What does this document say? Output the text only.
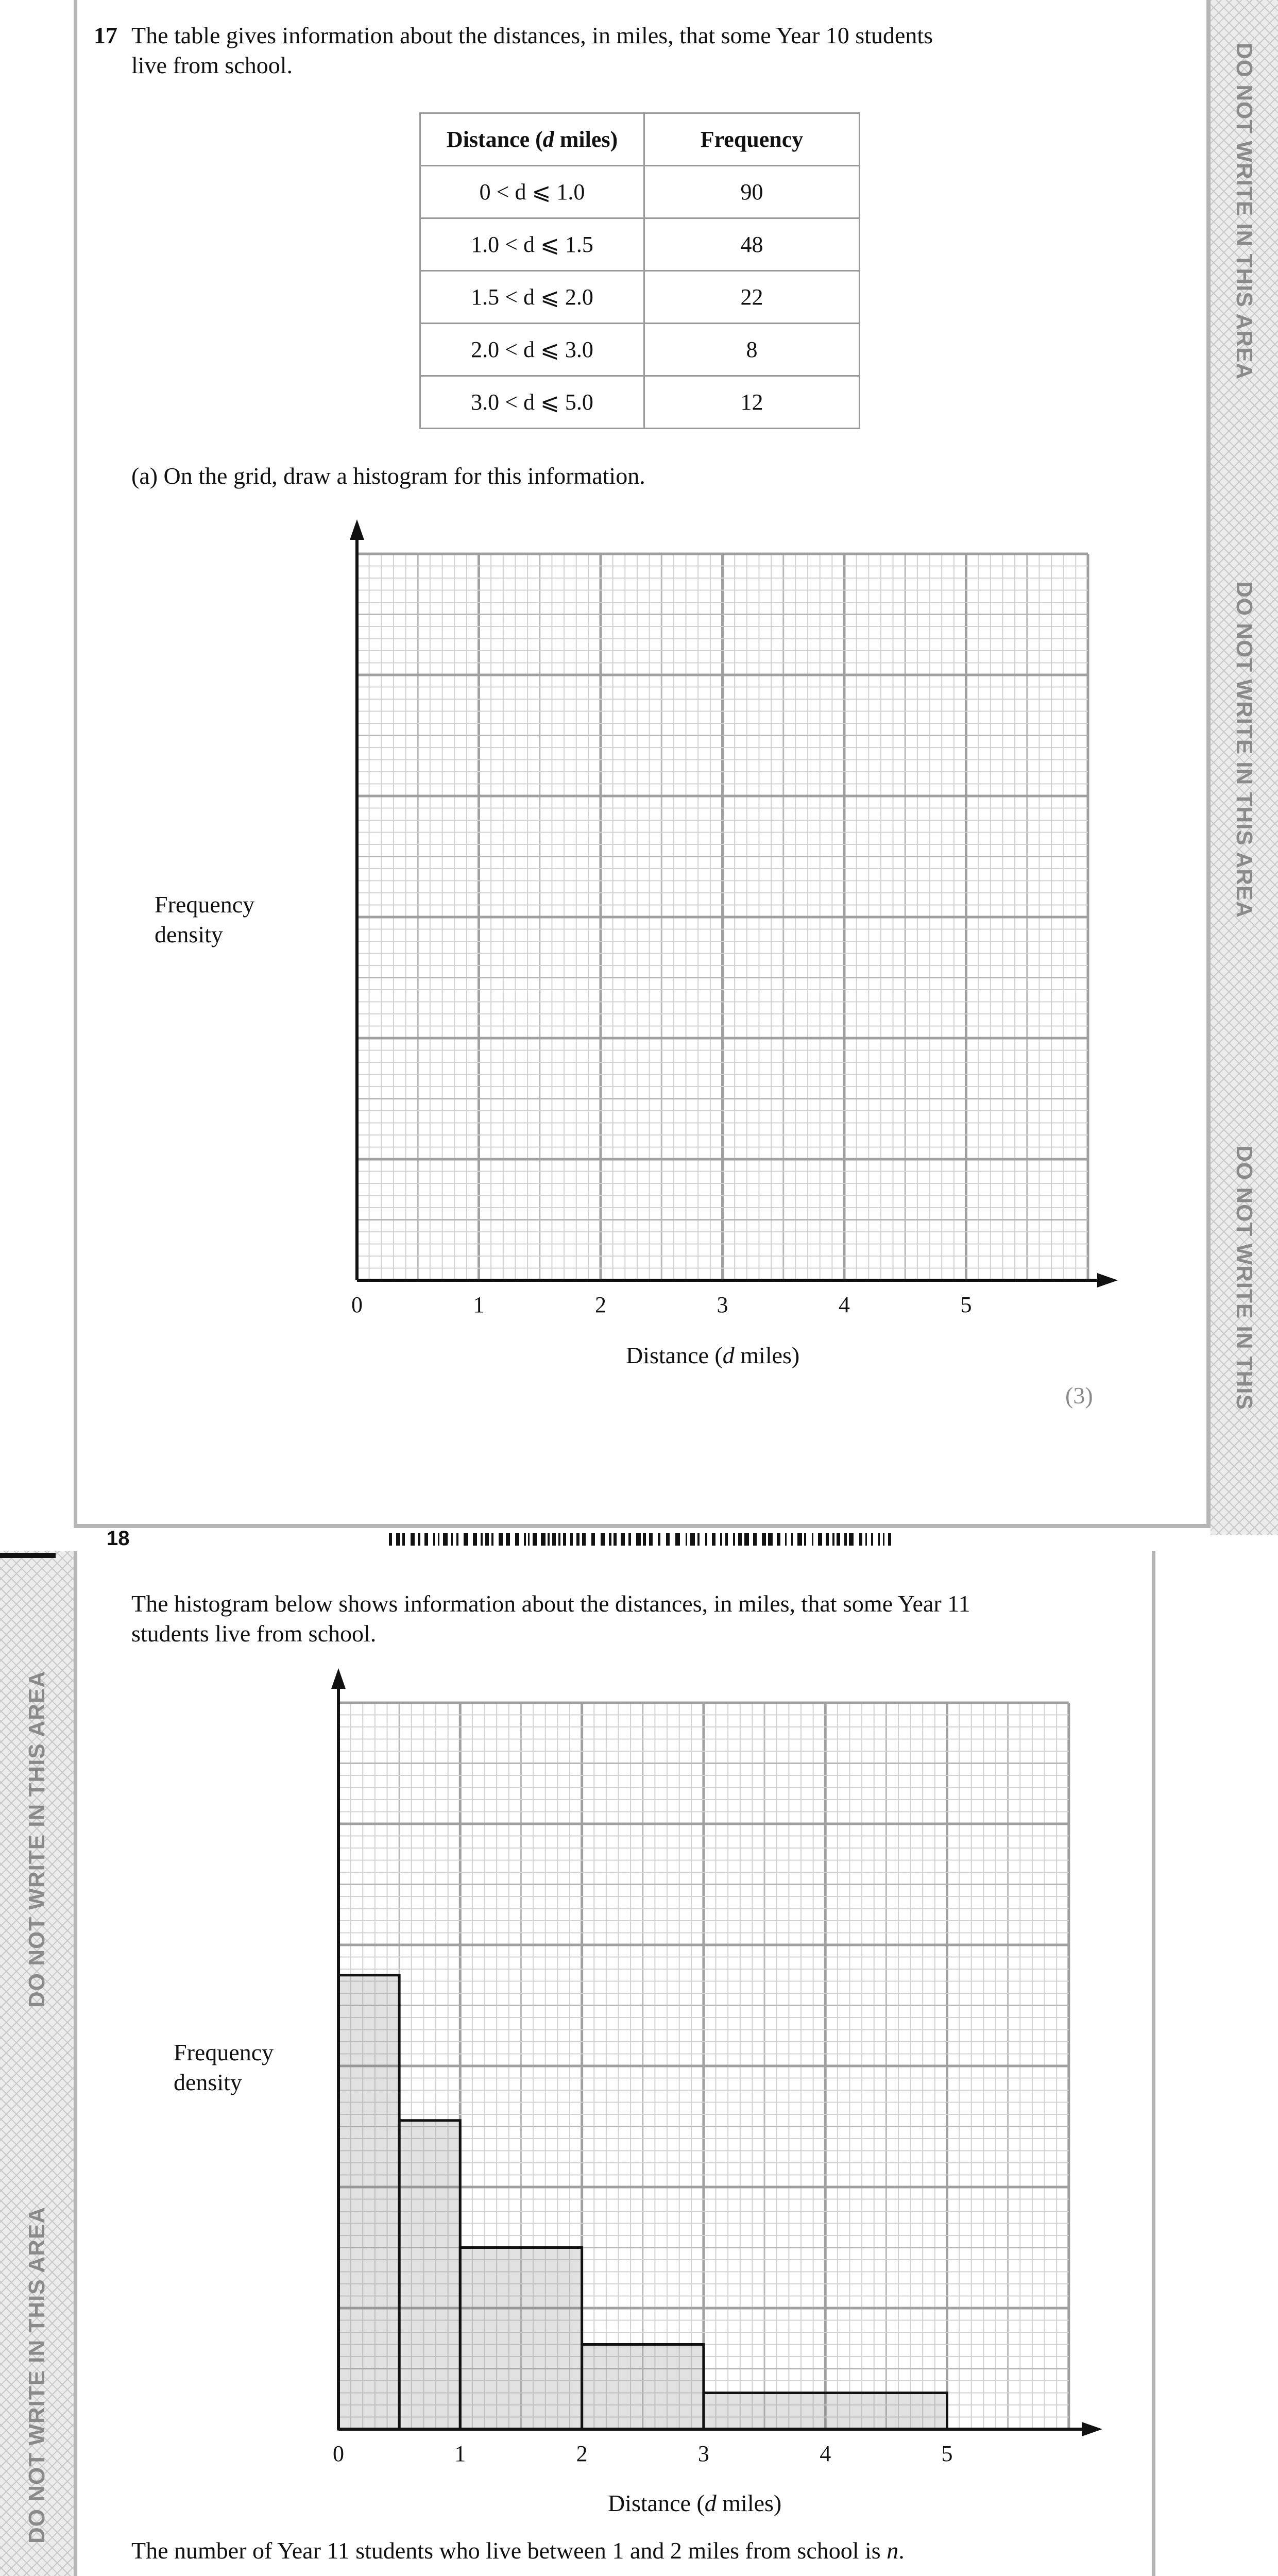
DO NOT WRITE IN THIS AREA
DO NOT WRITE IN THIS AREA
DO NOT WRITE IN THIS
17 The table gives information about the distances, in miles, that some Year 10 students
live from school.
Distance (d miles)	Frequency
0 < d ⩽ 1.0	90
1.0 < d ⩽ 1.5	48
1.5 < d ⩽ 2.0	22
2.0 < d ⩽ 3.0	8
3.0 < d ⩽ 5.0	12
(a) On the grid, draw a histogram for this information.
Frequency
density
0	1	2	3	4	5
Distance (d miles)
(3)
DO NOT WRITE IN THIS AREA
DO NOT WRITE IN THIS AREA
18
The histogram below shows information about the distances, in miles, that some Year 11
students live from school.
Frequency
density
Distance (d miles)
The number of Year 11 students who live between 1 and 2 miles from school is n.
0	1	2	3	4	5
